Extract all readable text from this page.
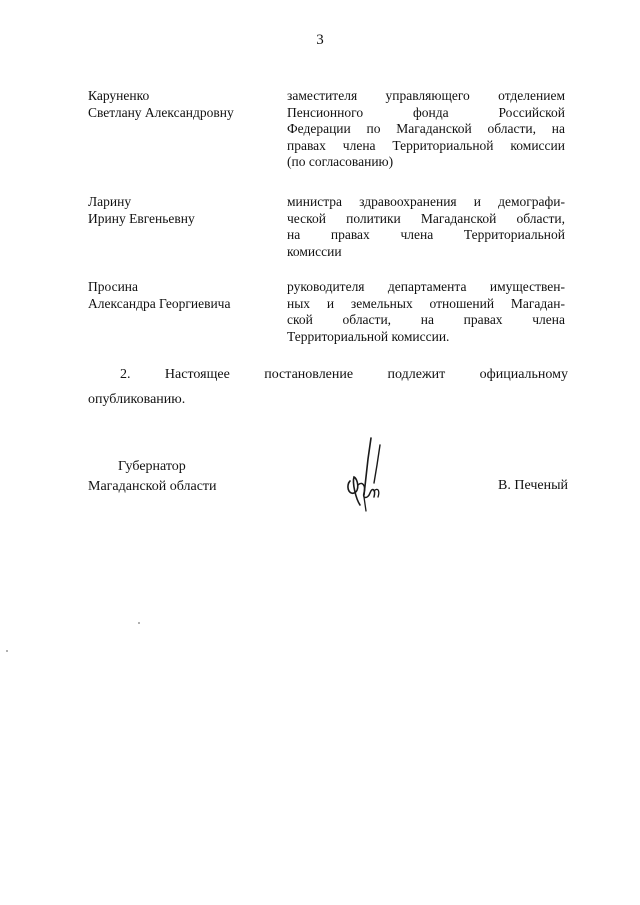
3
Каруненко
Светлану Александровну
заместителя управляющего отделением
Пенсионного фонда Российской
Федерации по Магаданской области, на
правах члена Территориальной комиссии
(по согласованию)
Ларину
Ирину Евгеньевну
министра здравоохранения и демографи-
ческой политики Магаданской области,
на правах члена Территориальной
комиссии
Просина
Александра Георгиевича
руководителя департамента имуществен-
ных и земельных отношений Магадан-
ской области, на правах члена
Территориальной комиссии.
2. Настоящее постановление подлежит официальному
опубликованию.
Губернатор
Магаданской области	В. Печеный
